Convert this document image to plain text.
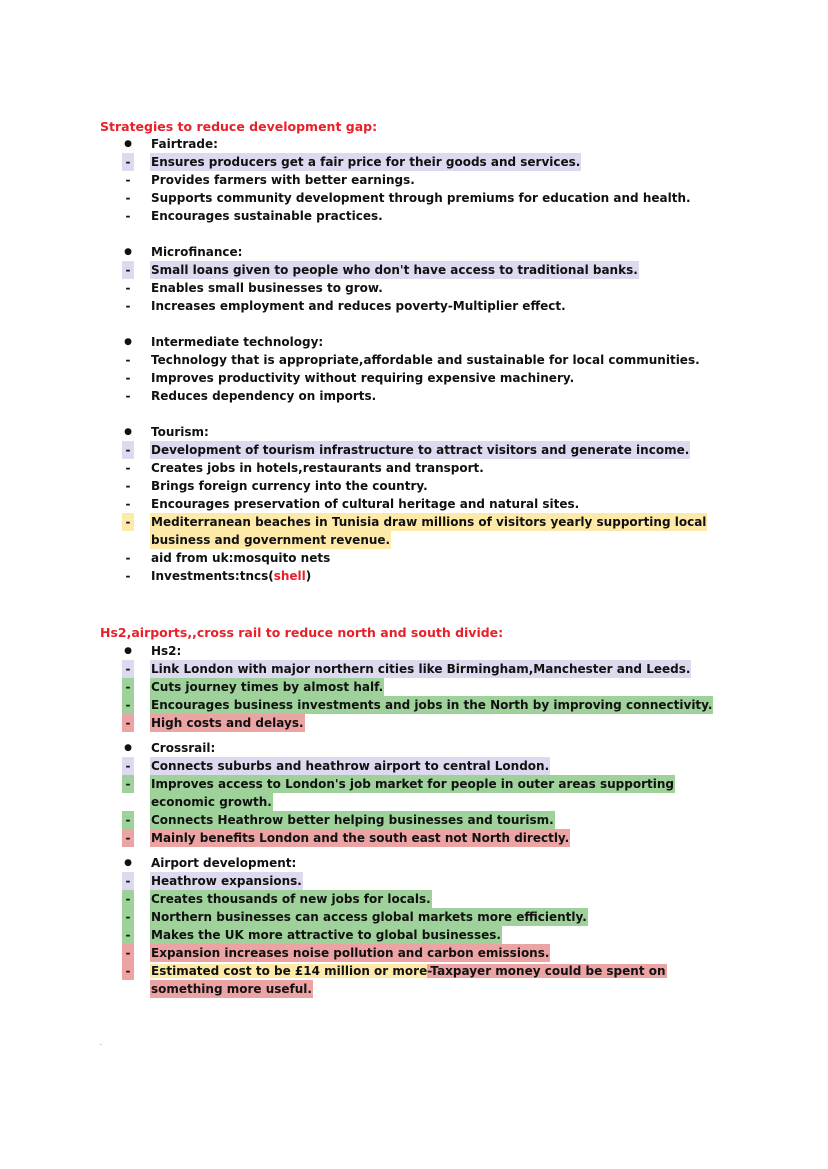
Strategies to reduce development gap:
● Fairtrade:
- Ensures producers get a fair price for their goods and services.
- Provides farmers with better earnings.
- Supports community development through premiums for education and health.
- Encourages sustainable practices.
● Microfinance:
- Small loans given to people who don't have access to traditional banks.
- Enables small businesses to grow.
- Increases employment and reduces poverty-Multiplier effect.
● Intermediate technology:
- Technology that is appropriate,affordable and sustainable for local communities.
- Improves productivity without requiring expensive machinery.
- Reduces dependency on imports.
● Tourism:
- Development of tourism infrastructure to attract visitors and generate income.
- Creates jobs in hotels,restaurants and transport.
- Brings foreign currency into the country.
- Encourages preservation of cultural heritage and natural sites.
- Mediterranean beaches in Tunisia draw millions of visitors yearly supporting local
business and government revenue.
- aid from uk:mosquito nets
- Investments:tncs(shell)
Hs2,airports,,cross rail to reduce north and south divide:
● Hs2:
- Link London with major northern cities like Birmingham,Manchester and Leeds.
- Cuts journey times by almost half.
- Encourages business investments and jobs in the North by improving connectivity.
- High costs and delays.
● Crossrail:
- Connects suburbs and heathrow airport to central London.
- Improves access to London's job market for people in outer areas supporting
economic growth.
- Connects Heathrow better helping businesses and tourism.
- Mainly benefits London and the south east not North directly.
● Airport development:
- Heathrow expansions.
- Creates thousands of new jobs for locals.
- Northern businesses can access global markets more efficiently.
- Makes the UK more attractive to global businesses.
- Expansion increases noise pollution and carbon emissions.
- Estimated cost to be £14 million or more-Taxpayer money could be spent on
something more useful.
·
